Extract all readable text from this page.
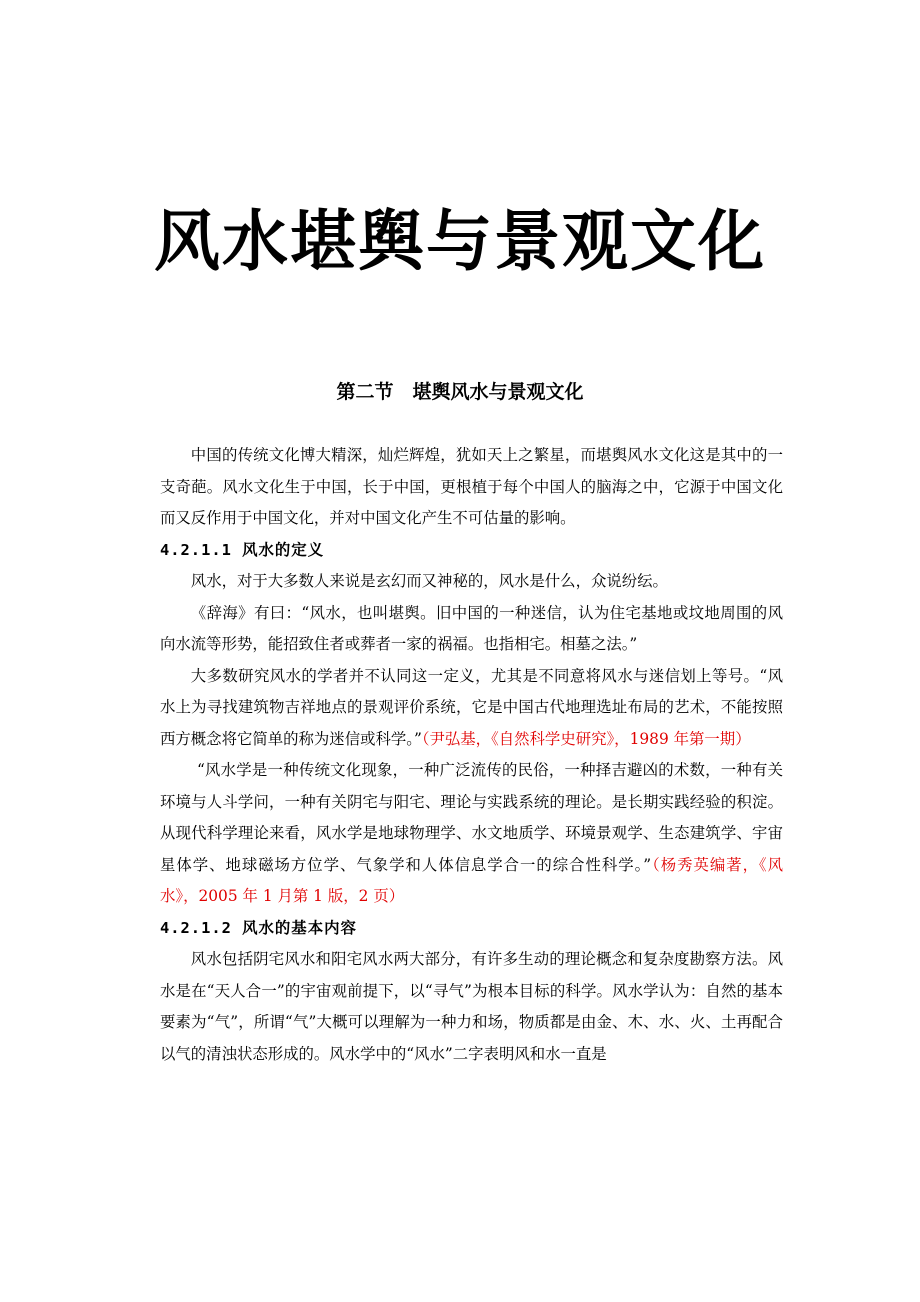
风水堪舆与景观文化
第二节　堪舆风水与景观文化

中国的传统文化博大精深，灿烂辉煌，犹如天上之繁星，而堪舆风水文化这是其中的一支奇葩。风水文化生于中国，长于中国，更根植于每个中国人的脑海之中，它源于中国文化而又反作用于中国文化，并对中国文化产生不可估量的影响。

4.2.1.1 风水的定义

风水，对于大多数人来说是玄幻而又神秘的，风水是什么，众说纷纭。

《辞海》有曰：“风水，也叫堪舆。旧中国的一种迷信，认为住宅基地或坟地周围的风向水流等形势，能招致住者或葬者一家的祸福。也指相宅。相墓之法。”

大多数研究风水的学者并不认同这一定义，尤其是不同意将风水与迷信划上等号。“风水上为寻找建筑物吉祥地点的景观评价系统，它是中国古代地理选址布局的艺术，不能按照西方概念将它简单的称为迷信或科学。”（尹弘基，《自然科学史研究》，1989 年第一期）

“风水学是一种传统文化现象，一种广泛流传的民俗，一种择吉避凶的术数，一种有关环境与人斗学问，一种有关阴宅与阳宅、理论与实践系统的理论。是长期实践经验的积淀。从现代科学理论来看，风水学是地球物理学、水文地质学、环境景观学、生态建筑学、宇宙星体学、地球磁场方位学、气象学和人体信息学合一的综合性科学。”（杨秀英编著，《风水》，2005 年 1 月第 1 版，2 页）

4.2.1.2 风水的基本内容

风水包括阴宅风水和阳宅风水两大部分，有许多生动的理论概念和复杂度勘察方法。风水是在“天人合一”的宇宙观前提下，以“寻气”为根本目标的科学。风水学认为：自然的基本要素为“气”，所谓“气”大概可以理解为一种力和场，物质都是由金、木、水、火、土再配合以气的清浊状态形成的。风水学中的“风水”二字表明风和水一直是
